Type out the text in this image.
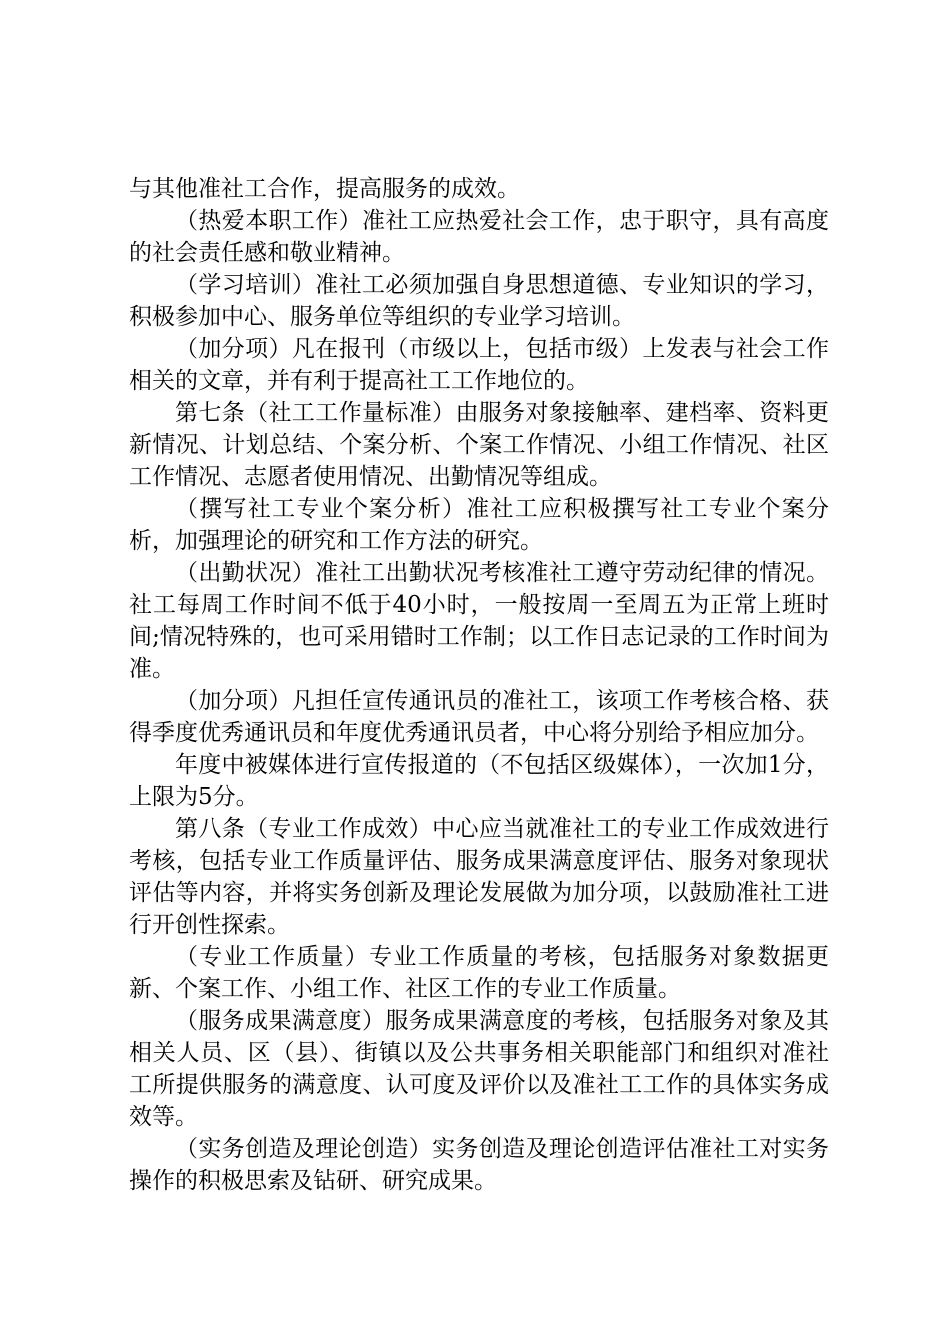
与其他准社工合作，提高服务的成效。

（热爱本职工作）准社工应热爱社会工作，忠于职守，具有高度的社会责任感和敬业精神。

（学习培训）准社工必须加强自身思想道德、专业知识的学习，积极参加中心、服务单位等组织的专业学习培训。

（加分项）凡在报刊（市级以上，包括市级）上发表与社会工作相关的文章，并有利于提高社工工作地位的。

第七条（社工工作量标准）由服务对象接触率、建档率、资料更新情况、计划总结、个案分析、个案工作情况、小组工作情况、社区工作情况、志愿者使用情况、出勤情况等组成。

（撰写社工专业个案分析）准社工应积极撰写社工专业个案分析，加强理论的研究和工作方法的研究。

（出勤状况）准社工出勤状况考核准社工遵守劳动纪律的情况。社工每周工作时间不低于40小时，一般按周一至周五为正常上班时间;情况特殊的，也可采用错时工作制；以工作日志记录的工作时间为准。

（加分项）凡担任宣传通讯员的准社工，该项工作考核合格、获得季度优秀通讯员和年度优秀通讯员者，中心将分别给予相应加分。

年度中被媒体进行宣传报道的（不包括区级媒体），一次加1分，上限为5分。

第八条（专业工作成效）中心应当就准社工的专业工作成效进行考核，包括专业工作质量评估、服务成果满意度评估、服务对象现状评估等内容，并将实务创新及理论发展做为加分项，以鼓励准社工进行开创性探索。

（专业工作质量）专业工作质量的考核，包括服务对象数据更新、个案工作、小组工作、社区工作的专业工作质量。

（服务成果满意度）服务成果满意度的考核，包括服务对象及其相关人员、区（县）、街镇以及公共事务相关职能部门和组织对准社工所提供服务的满意度、认可度及评价以及准社工工作的具体实务成效等。

（实务创造及理论创造）实务创造及理论创造评估准社工对实务操作的积极思索及钻研、研究成果。
